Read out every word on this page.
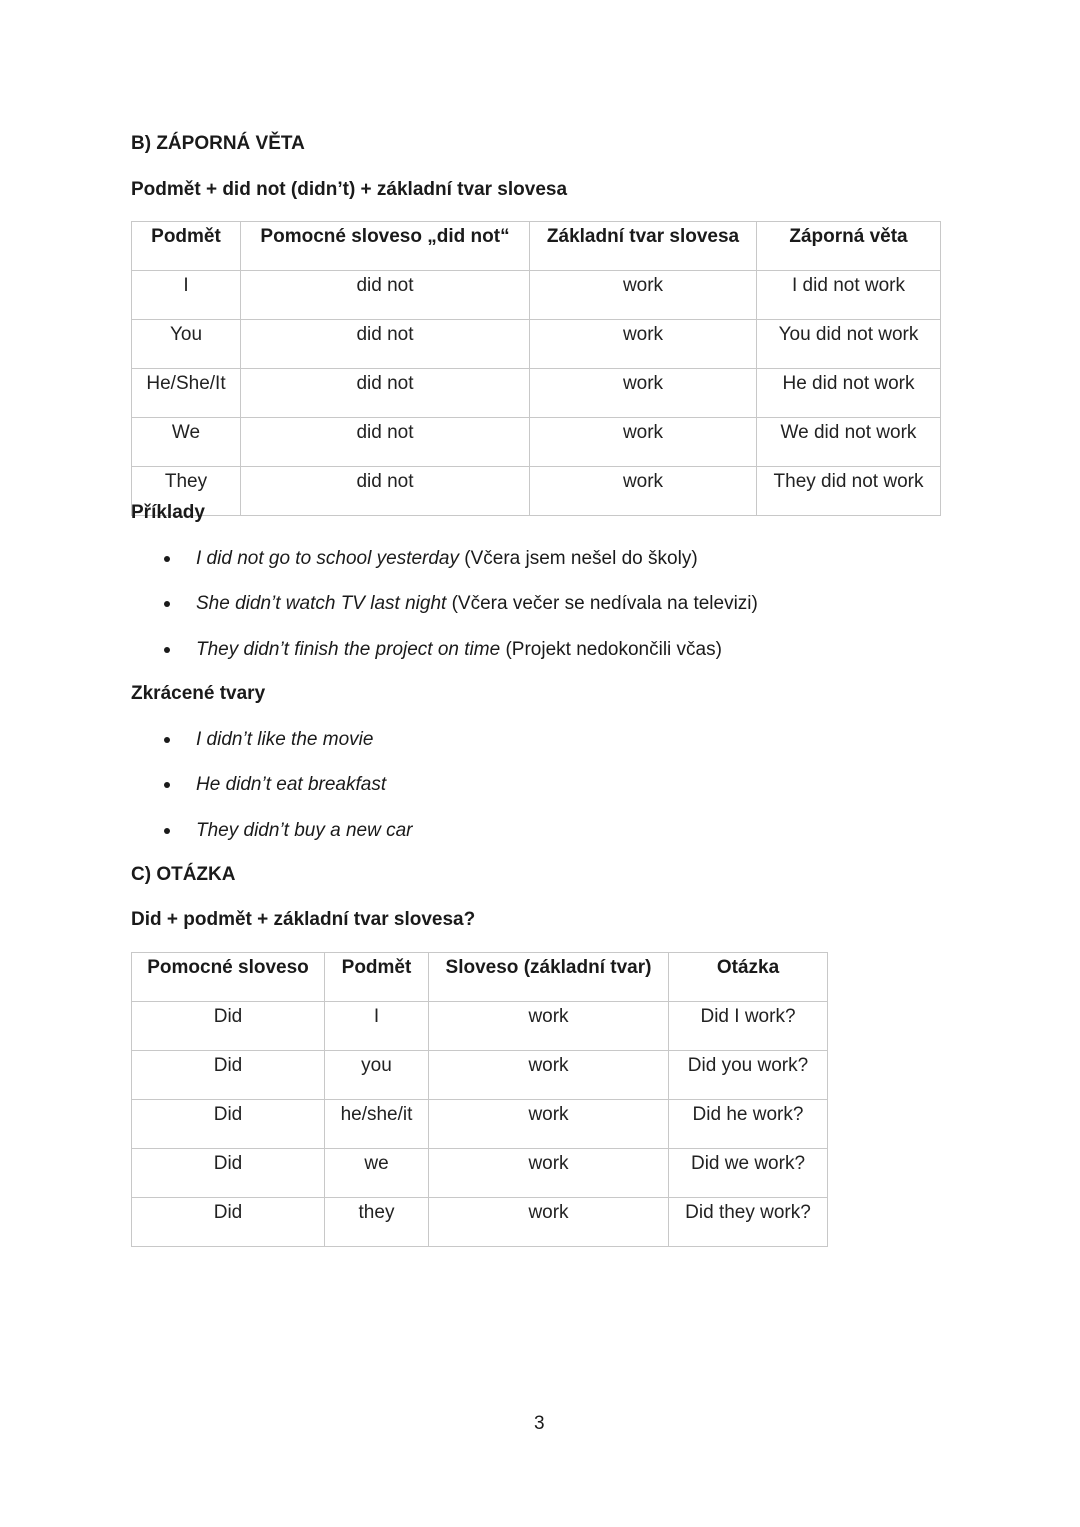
B) ZÁPORNÁ VĚTA
Podmět + did not (didn’t) + základní tvar slovesa
Podmět	Pomocné sloveso „did not“	Základní tvar slovesa	Záporná věta
I	did not	work	I did not work
You	did not	work	You did not work
He/She/It	did not	work	He did not work
We	did not	work	We did not work
They	did not	work	They did not work
Příklady
I did not go to school yesterday (Včera jsem nešel do školy)
She didn’t watch TV last night (Včera večer se nedívala na televizi)
They didn’t finish the project on time (Projekt nedokončili včas)
Zkrácené tvary
I didn’t like the movie
He didn’t eat breakfast
They didn’t buy a new car
C) OTÁZKA
Did + podmět + základní tvar slovesa?
Pomocné sloveso	Podmět	Sloveso (základní tvar)	Otázka
Did	I	work	Did I work?
Did	you	work	Did you work?
Did	he/she/it	work	Did he work?
Did	we	work	Did we work?
Did	they	work	Did they work?
3
